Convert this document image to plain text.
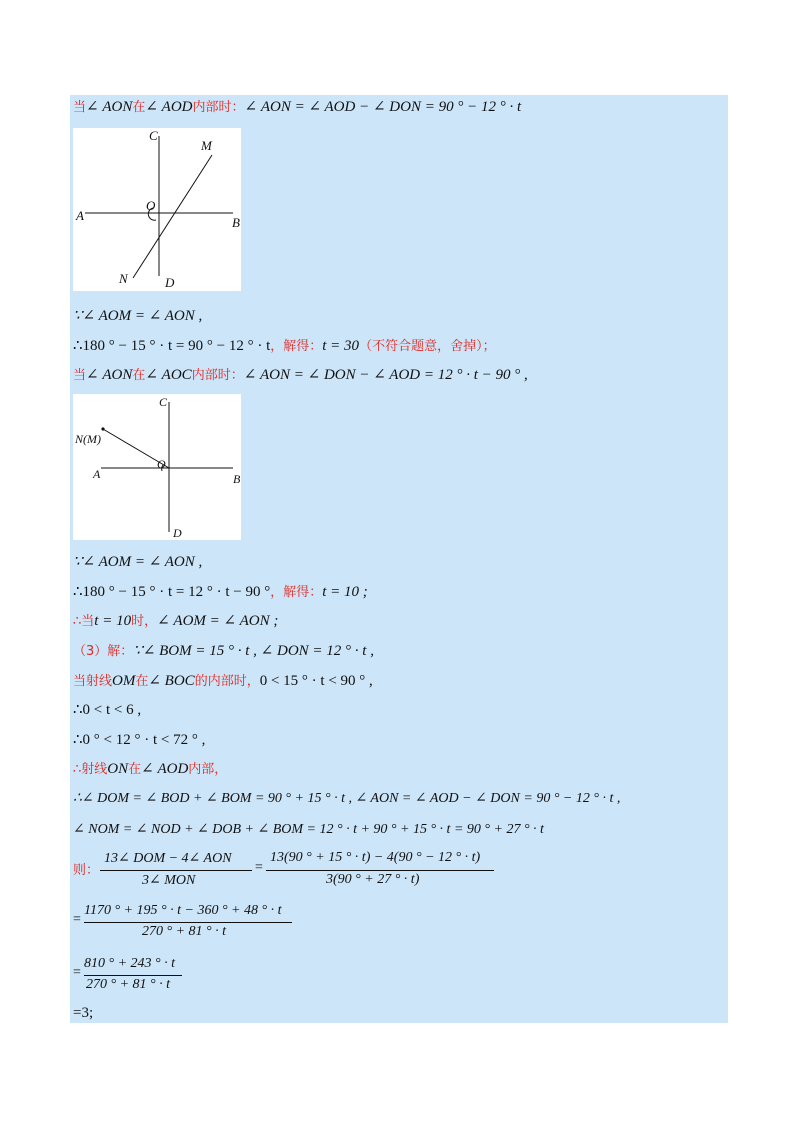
当∠ AON在∠ AOD内部时：∠ AON = ∠ AOD − ∠ DON = 90 ° − 12 ° · t
C
M
O
A	B
N	D
∵∠ AOM = ∠ AON ,
∴180 ° − 15 ° · t = 90 ° − 12 ° · t，解得：t = 30（不符合题意，舍掉）；
当∠ AON在∠ AOC内部时：∠ AON = ∠ DON − ∠ AOD = 12 ° · t − 90 ° ,
C
N(M)
O
A	B
D
∵∠ AOM = ∠ AON ,
∴180 ° − 15 ° · t = 12 ° · t − 90 °，解得：t = 10 ;
∴当t = 10时，∠ AOM = ∠ AON ;
（3）解：∵∠ BOM = 15 ° · t , ∠ DON = 12 ° · t ,
当射线OM在∠ BOC的内部时，0 < 15 ° · t < 90 ° ,
∴0 < t < 6 ,
∴0 ° < 12 ° · t < 72 ° ,
∴射线ON在∠ AOD内部，
∴∠ DOM = ∠ BOD + ∠ BOM = 90 ° + 15 ° · t , ∠ AON = ∠ AOD − ∠ DON = 90 ° − 12 ° · t ,
∠ NOM = ∠ NOD + ∠ DOB + ∠ BOM = 12 ° · t + 90 ° + 15 ° · t = 90 ° + 27 ° · t
则：
13∠ DOM − 4∠ AON
3∠ MON
=
13(90 ° + 15 ° · t) − 4(90 ° − 12 ° · t)
3(90 ° + 27 ° · t)
=
1170 ° + 195 ° · t − 360 ° + 48 ° · t
270 ° + 81 ° · t
=
810 ° + 243 ° · t
270 ° + 81 ° · t
=3;
